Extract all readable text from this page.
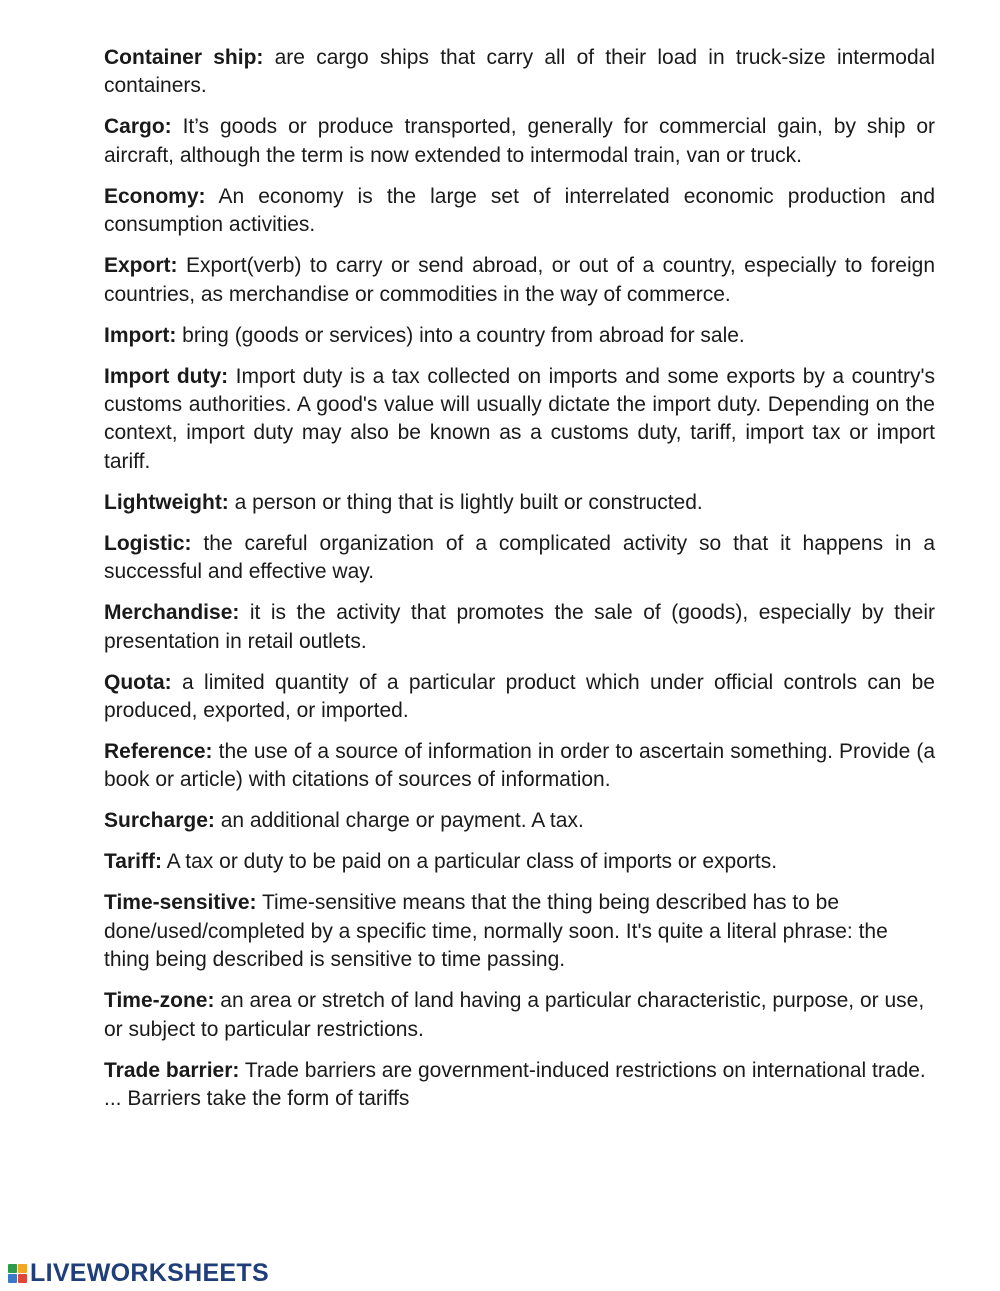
Container ship: are cargo ships that carry all of their load in truck-size intermodal containers.

Cargo: It’s goods or produce transported, generally for commercial gain, by ship or aircraft, although the term is now extended to intermodal train, van or truck.

Economy: An economy is the large set of interrelated economic production and consumption activities.

Export: Export(verb) to carry or send abroad, or out of a country, especially to foreign countries, as merchandise or commodities in the way of commerce.

Import: bring (goods or services) into a country from abroad for sale.

Import duty: Import duty is a tax collected on imports and some exports by a country's customs authorities. A good's value will usually dictate the import duty. Depending on the context, import duty may also be known as a customs duty, tariff, import tax or import tariff.

Lightweight: a person or thing that is lightly built or constructed.

Logistic: the careful organization of a complicated activity so that it happens in a successful and effective way.

Merchandise: it is the activity that promotes the sale of (goods), especially by their presentation in retail outlets.

Quota: a limited quantity of a particular product which under official controls can be produced, exported, or imported.

Reference: the use of a source of information in order to ascertain something. Provide (a book or article) with citations of sources of information.

Surcharge: an additional charge or payment. A tax.

Tariff: A tax or duty to be paid on a particular class of imports or exports.

Time-sensitive: Time-sensitive means that the thing being described has to be done/used/completed by a specific time, normally soon. It's quite a literal phrase: the thing being described is sensitive to time passing.

Time-zone: an area or stretch of land having a particular characteristic, purpose, or use, or subject to particular restrictions.

Trade barrier: Trade barriers are government-induced restrictions on international trade. ... Barriers take the form of tariffs

LIVEWORKSHEETS
